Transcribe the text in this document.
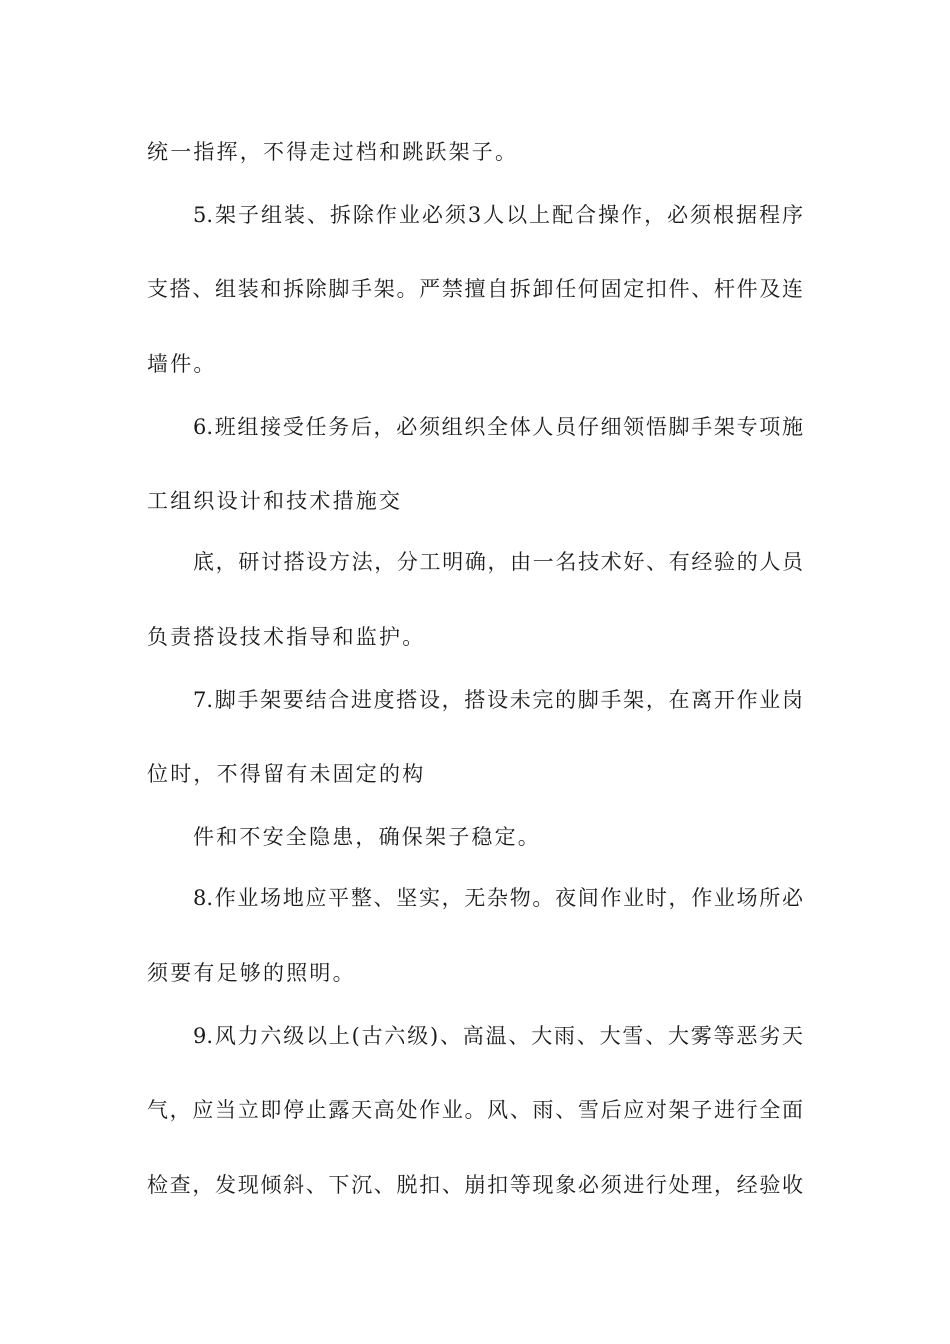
统一指挥，不得走过档和跳跃架子。
5.架子组装、拆除作业必须3人以上配合操作，必须根据程序
支搭、组装和拆除脚手架。严禁擅自拆卸任何固定扣件、杆件及连
墙件。
6.班组接受任务后，必须组织全体人员仔细领悟脚手架专项施
工组织设计和技术措施交
底，研讨搭设方法，分工明确，由一名技术好、有经验的人员
负责搭设技术指导和监护。
7.脚手架要结合进度搭设，搭设未完的脚手架，在离开作业岗
位时，不得留有未固定的构
件和不安全隐患，确保架子稳定。
8.作业场地应平整、坚实，无杂物。夜间作业时，作业场所必
须要有足够的照明。
9.风力六级以上(古六级)、高温、大雨、大雪、大雾等恶劣天
气，应当立即停止露天高处作业。风、雨、雪后应对架子进行全面
检查，发现倾斜、下沉、脱扣、崩扣等现象必须进行处理，经验收
